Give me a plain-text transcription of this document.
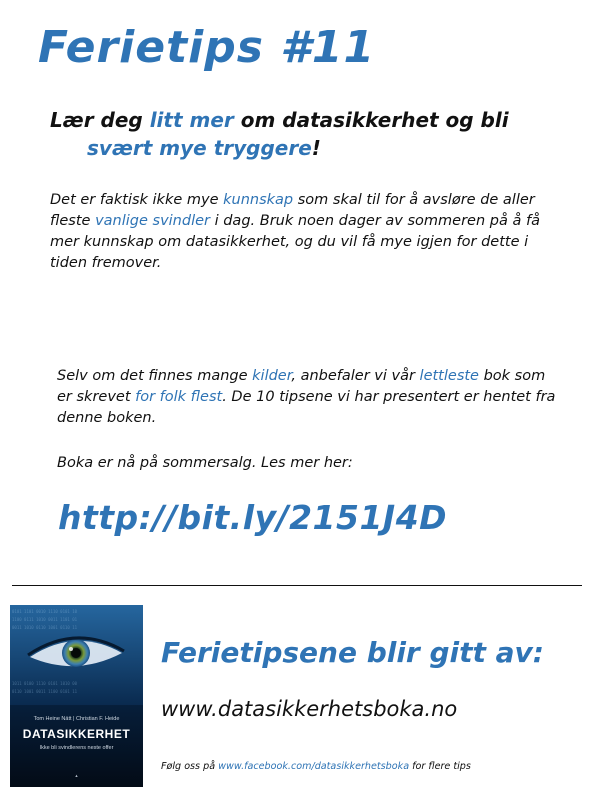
Ferietips #11
Lær deg litt mer om datasikkerhet og bli
svært mye tryggere!
Det er faktisk ikke mye kunnskap som skal til for å avsløre de aller fleste vanlige svindler i dag. Bruk noen dager av sommeren på å få mer kunnskap om datasikkerhet, og du vil få mye igjen for dette i tiden fremover.
Selv om det finnes mange kilder, anbefaler vi vår lettleste bok som er skrevet for folk flest. De 10 tipsene vi har presentert er hentet fra denne boken.
Boka er nå på sommersalg. Les mer her:
http://bit.ly/2151J4D
0101 1101 0010 1110 0101 10
1100 0111 1010 0011 1101 01
0011 1010 0110 1001 0110 11
1011 0100 1110 0101 1010 00
0110 1001 0011 1100 0101 11
Tom Heine Nätt | Christian F. Heide
DATASIKKERHET
Ikke bli svindlerens neste offer
▲
Ferietipsene blir gitt av:
www.datasikkerhetsboka.no
Følg oss på www.facebook.com/datasikkerhetsboka for flere tips
